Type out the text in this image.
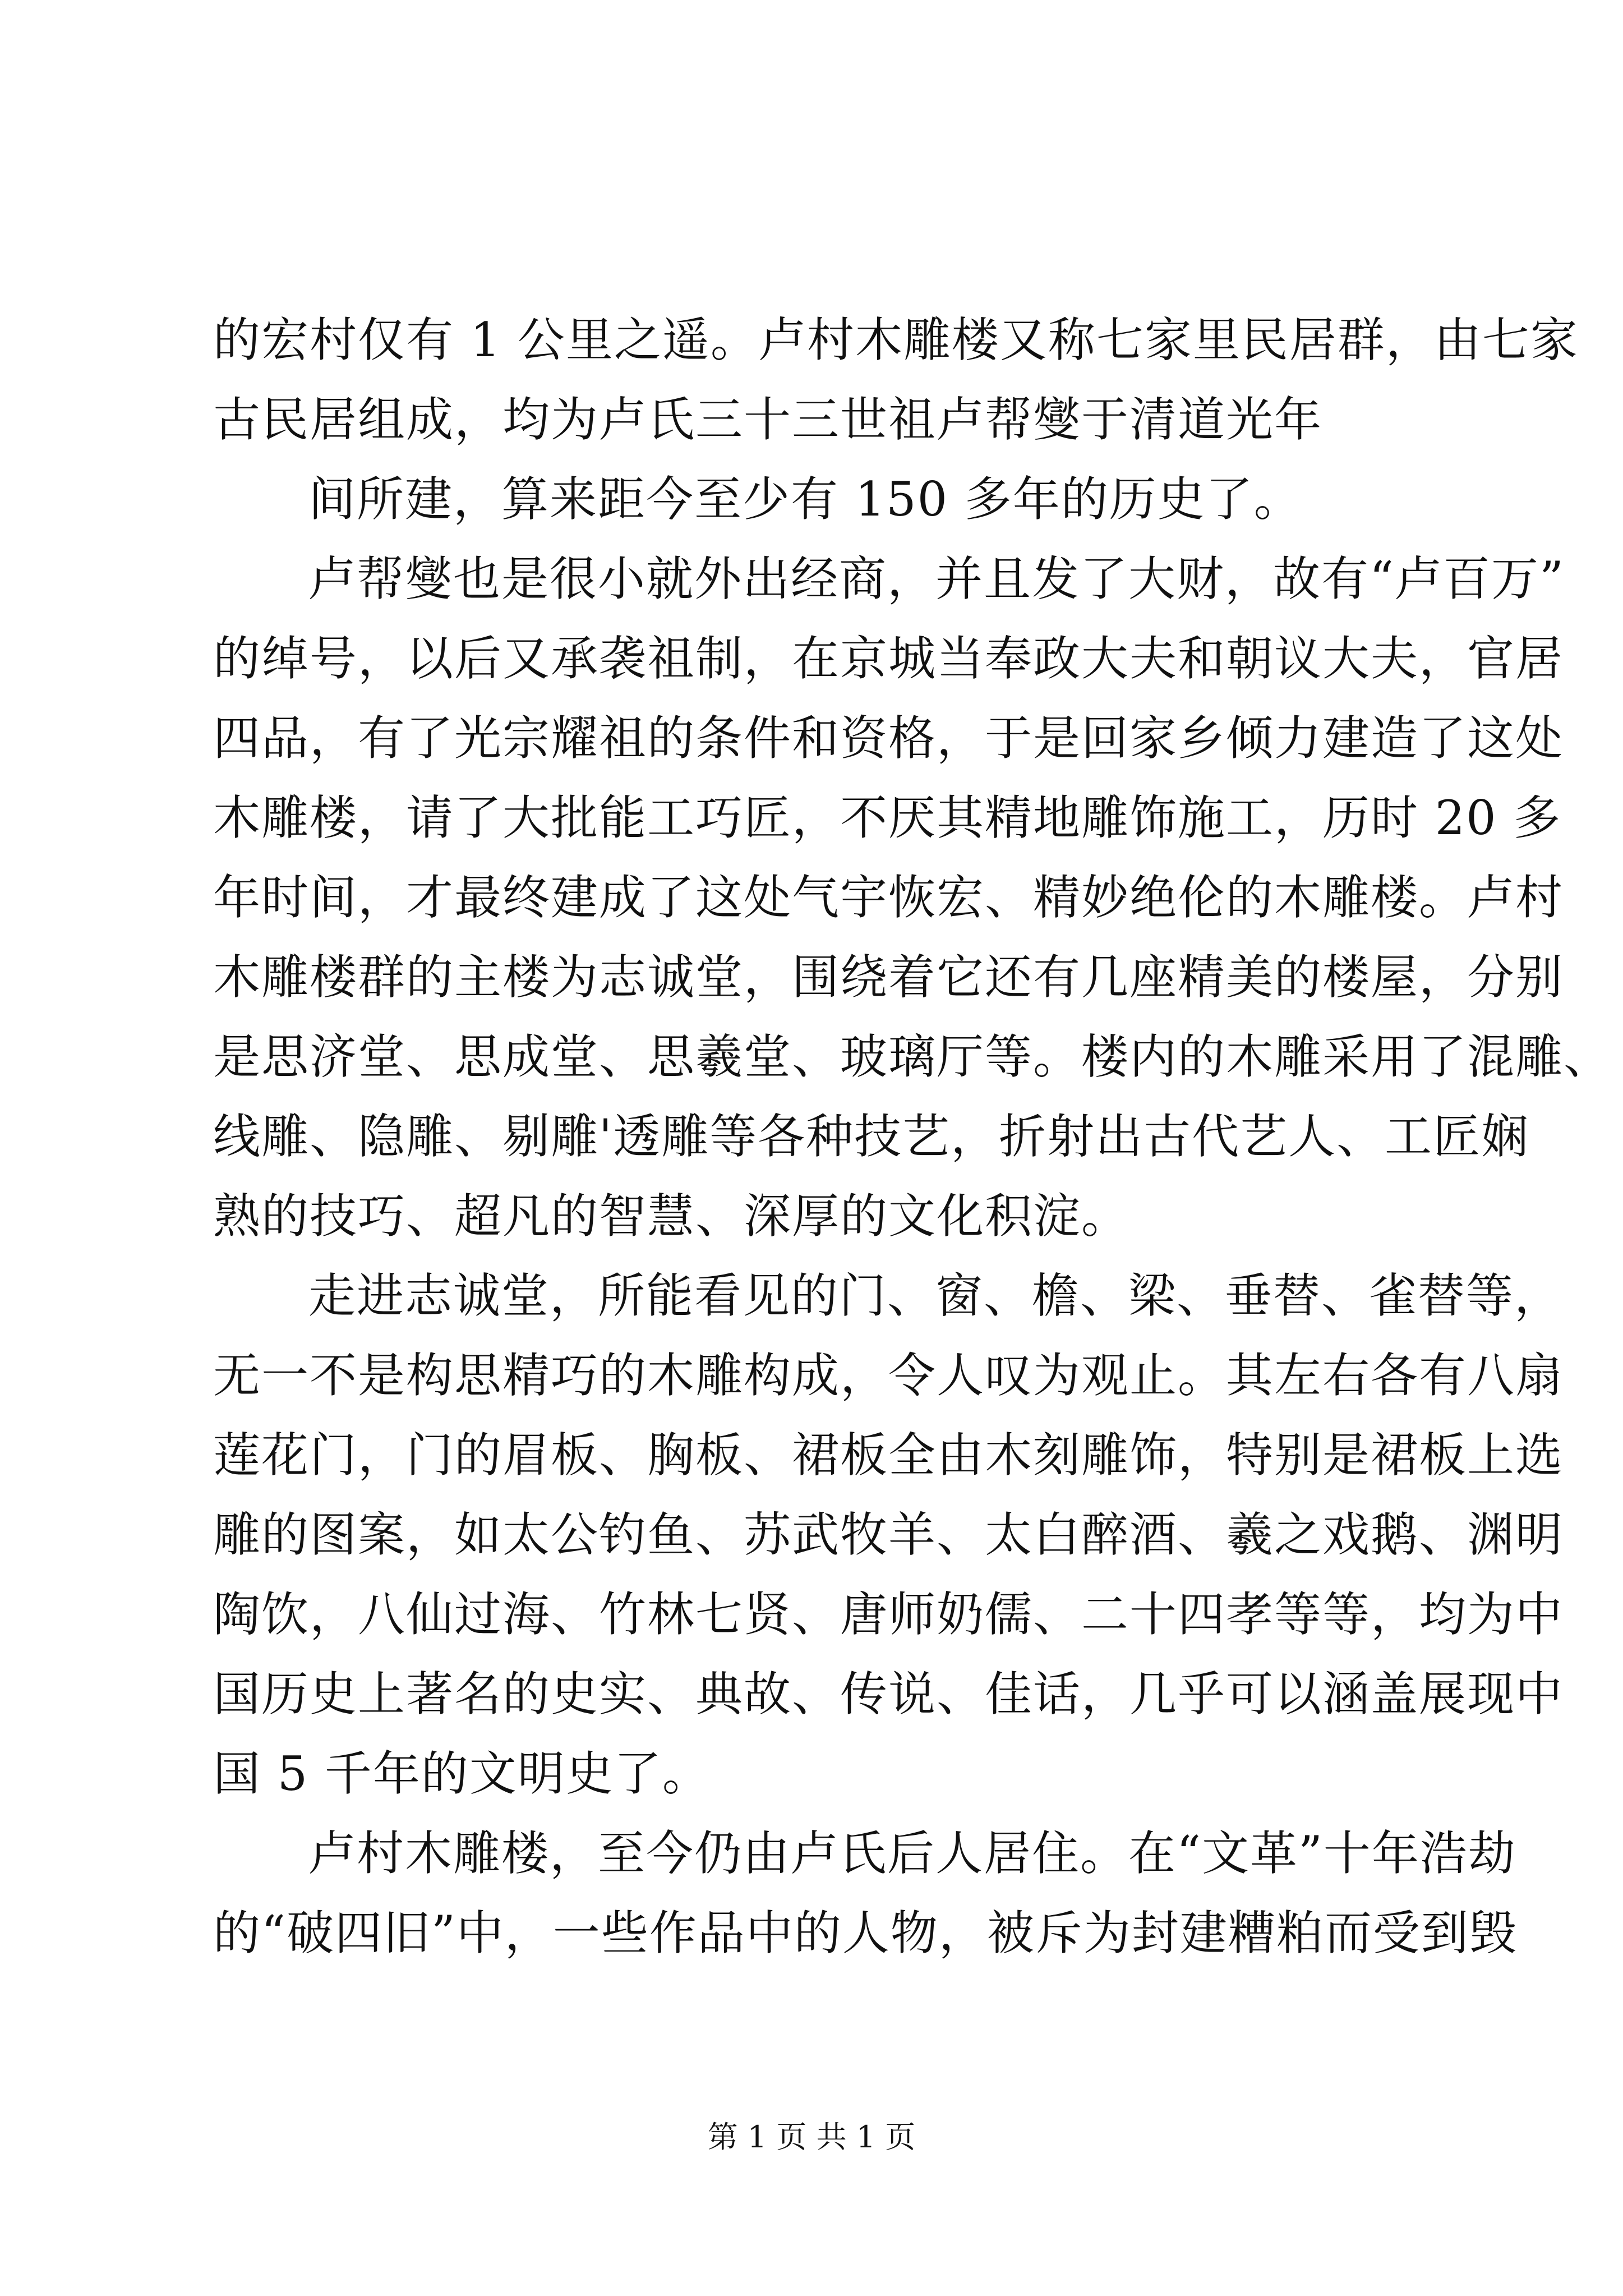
的宏村仅有 1 公里之遥。卢村木雕楼又称七家里民居群，由七家
古民居组成，均为卢氏三十三世祖卢帮燮于清道光年
间所建，算来距今至少有 150 多年的历史了。
卢帮燮也是很小就外出经商，并且发了大财，故有“卢百万”
的绰号，以后又承袭祖制，在京城当奉政大夫和朝议大夫，官居
四品，有了光宗耀祖的条件和资格，于是回家乡倾力建造了这处
木雕楼，请了大批能工巧匠，不厌其精地雕饰施工，历时 20 多
年时间，才最终建成了这处气宇恢宏、精妙绝伦的木雕楼。卢村
木雕楼群的主楼为志诚堂，围绕着它还有几座精美的楼屋，分别
是思济堂、思成堂、思羲堂、玻璃厅等。楼内的木雕采用了混雕、
线雕、隐雕、剔雕'透雕等各种技艺，折射出古代艺人、工匠娴
熟的技巧、超凡的智慧、深厚的文化积淀。
走进志诚堂，所能看见的门、窗、檐、梁、垂替、雀替等，
无一不是构思精巧的木雕构成，令人叹为观止。其左右各有八扇
莲花门，门的眉板、胸板、裙板全由木刻雕饰，特别是裙板上选
雕的图案，如太公钓鱼、苏武牧羊、太白醉酒、羲之戏鹅、渊明
陶饮，八仙过海、竹林七贤、唐师奶儒、二十四孝等等，均为中
国历史上著名的史实、典故、传说、佳话，几乎可以涵盖展现中
国 5 千年的文明史了。
卢村木雕楼，至今仍由卢氏后人居住。在“文革”十年浩劫
的“破四旧”中，一些作品中的人物，被斥为封建糟粕而受到毁
第 1 页 共 1 页
